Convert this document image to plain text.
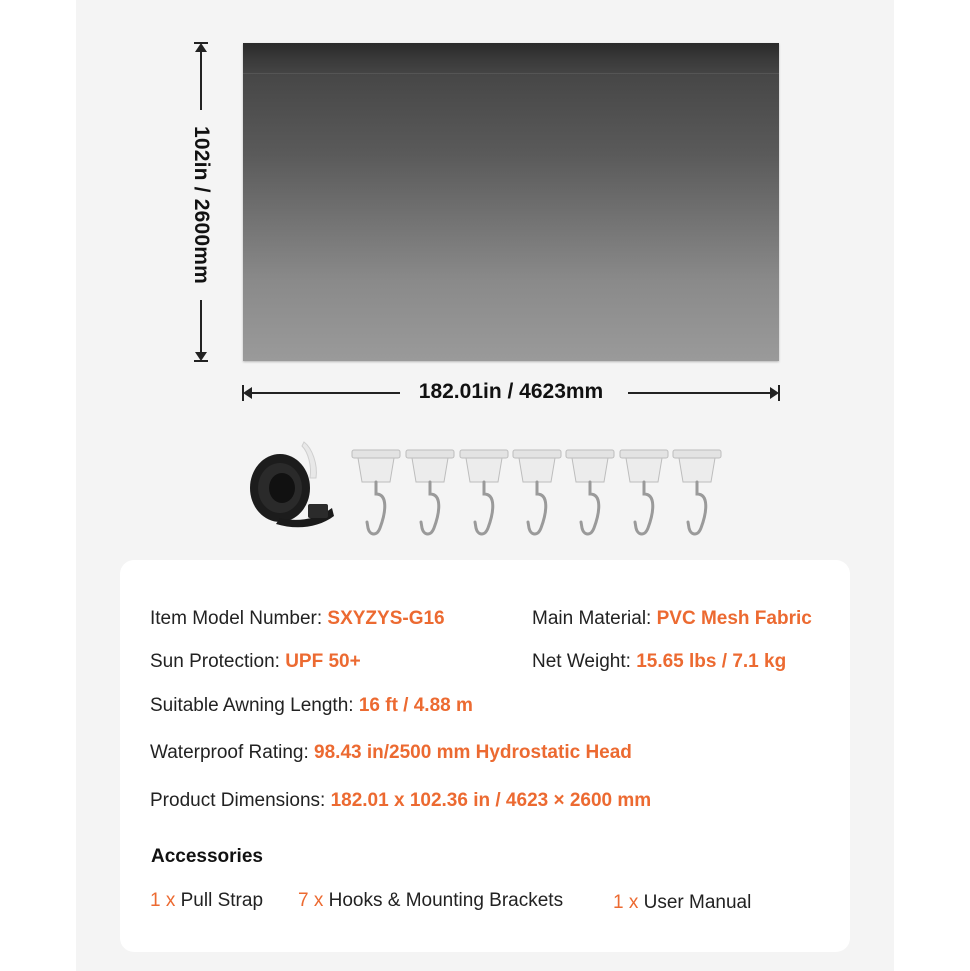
102in / 2600mm
182.01in / 4623mm
Item Model Number: SXYZYS-G16	Main Material: PVC Mesh Fabric
Sun Protection: UPF 50+	Net Weight: 15.65 lbs / 7.1 kg
Suitable Awning Length: 16 ft / 4.88 m
Waterproof Rating: 98.43 in/2500 mm Hydrostatic Head
Product Dimensions: 182.01 x 102.36 in / 4623 × 2600 mm
Accessories
1 x Pull Strap 7 x Hooks & Mounting Brackets	1 x User Manual
